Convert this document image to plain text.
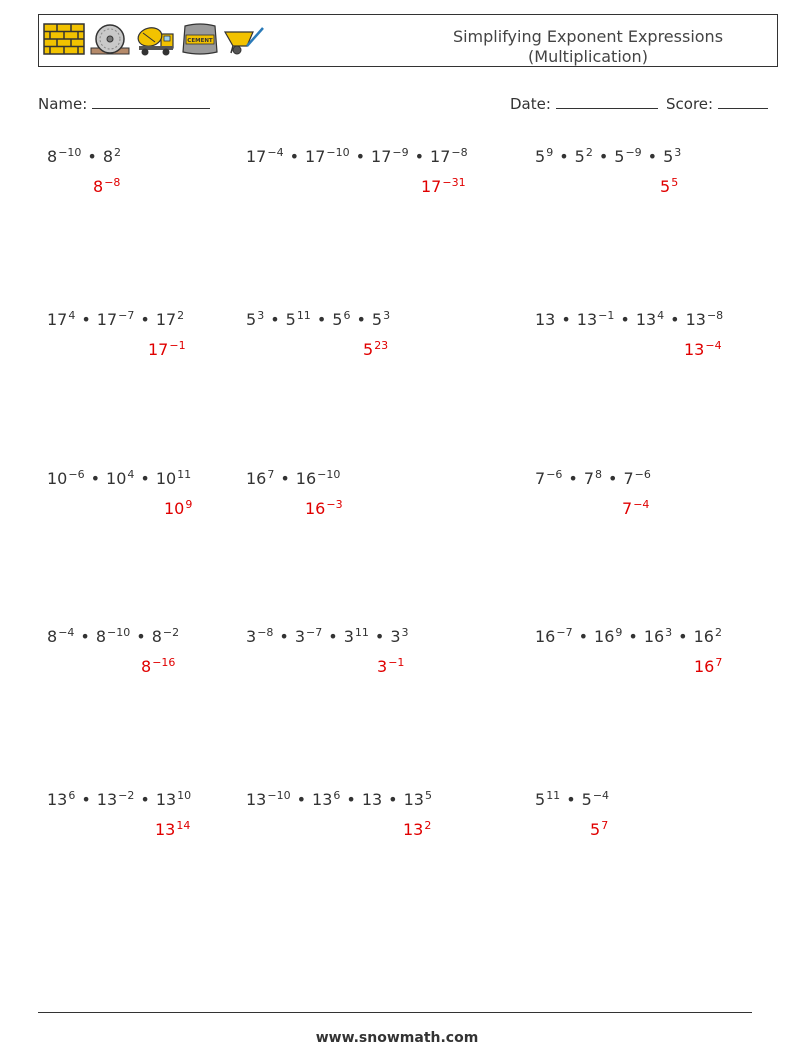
CEMENT	Simplifying Exponent Expressions
(Multiplication)
Name:	Date:	Score:
$8^{-10}$ • $8^2$
$8^{-8}$
$17^{-4}$ • $17^{-10}$ • $17^{-9}$ • $17^{-8}$
$17^{-31}$
$5^9$ • $5^2$ • $5^{-9}$ • $5^3$
$5^5$
$17^4$ • $17^{-7}$ • $17^2$
$17^{-1}$
$5^3$ • $5^{11}$ • $5^6$ • $5^3$
$5^{23}$
13 • $13^{-1}$ • $13^4$ • $13^{-8}$
$13^{-4}$
$10^{-6}$ • $10^4$ • $10^{11}$
$10^9$
$16^7$ • $16^{-10}$
$16^{-3}$
$7^{-6}$ • $7^8$ • $7^{-6}$
$7^{-4}$
$8^{-4}$ • $8^{-10}$ • $8^{-2}$
$8^{-16}$
$3^{-8}$ • $3^{-7}$ • $3^{11}$ • $3^3$
$3^{-1}$
$16^{-7}$ • $16^9$ • $16^3$ • $16^2$
$16^7$
$13^6$ • $13^{-2}$ • $13^{10}$
$13^{14}$
$13^{-10}$ • $13^6$ • 13 • $13^5$
$13^2$
$5^{11}$ • $5^{-4}$
$5^7$
www.snowmath.com
